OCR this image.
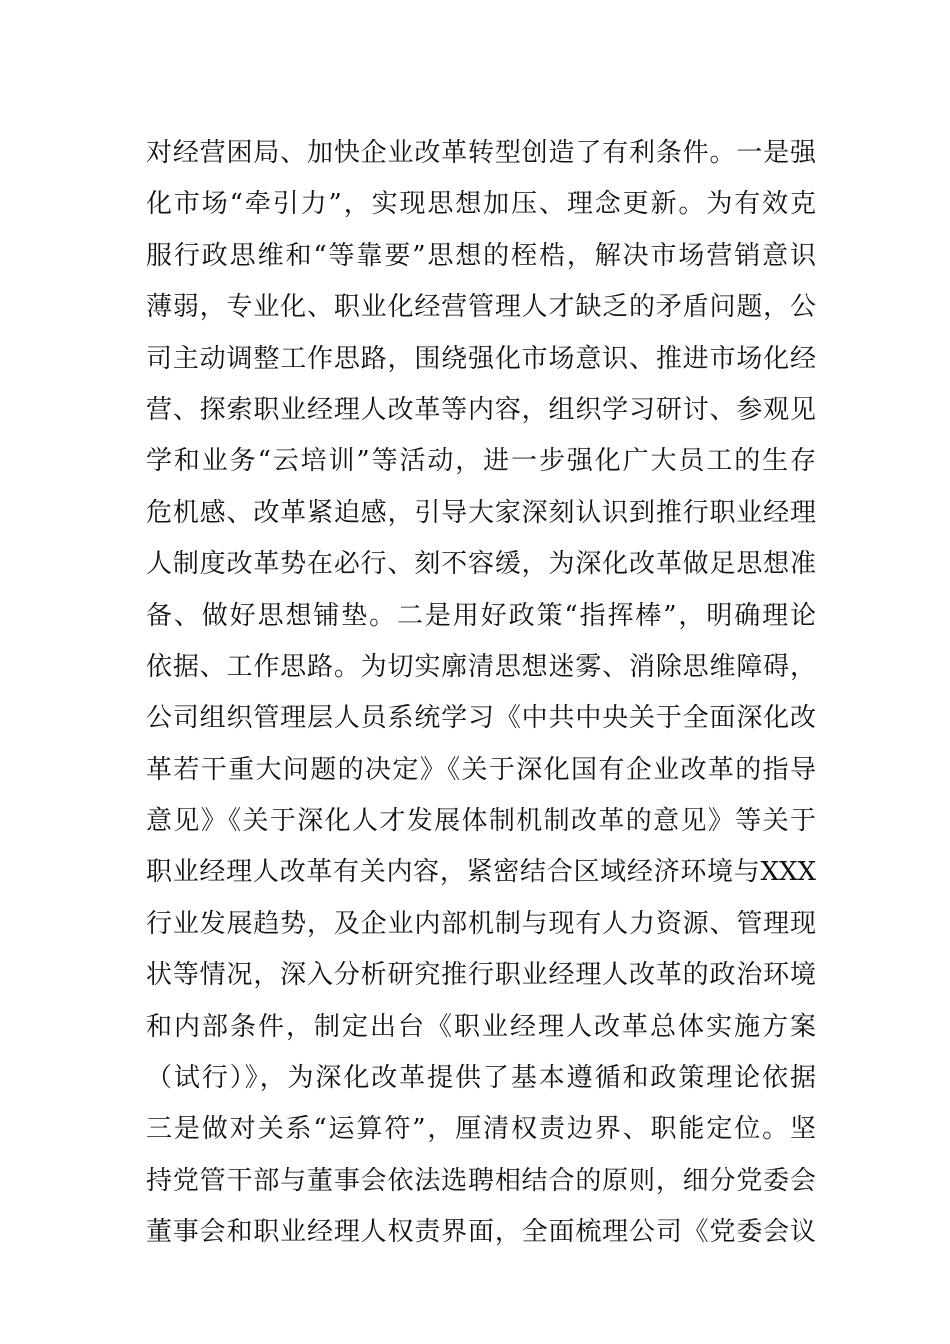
对经营困局、加快企业改革转型创造了有利条件。一是强
化市场“牵引力”，实现思想加压、理念更新。为有效克
服行政思维和“等靠要”思想的桎梏，解决市场营销意识
薄弱，专业化、职业化经营管理人才缺乏的矛盾问题，公
司主动调整工作思路，围绕强化市场意识、推进市场化经
营、探索职业经理人改革等内容，组织学习研讨、参观见
学和业务“云培训”等活动，进一步强化广大员工的生存
危机感、改革紧迫感，引导大家深刻认识到推行职业经理
人制度改革势在必行、刻不容缓，为深化改革做足思想准
备、做好思想铺垫。二是用好政策“指挥棒”，明确理论
依据、工作思路。为切实廓清思想迷雾、消除思维障碍，
公司组织管理层人员系统学习《中共中央关于全面深化改
革若干重大问题的决定》《关于深化国有企业改革的指导
意见》《关于深化人才发展体制机制改革的意见》等关于
职业经理人改革有关内容，紧密结合区域经济环境与XXX
行业发展趋势，及企业内部机制与现有人力资源、管理现
状等情况，深入分析研究推行职业经理人改革的政治环境
和内部条件，制定出台《职业经理人改革总体实施方案
（试行）》，为深化改革提供了基本遵循和政策理论依据
三是做对关系“运算符”，厘清权责边界、职能定位。坚
持党管干部与董事会依法选聘相结合的原则，细分党委会
董事会和职业经理人权责界面，全面梳理公司《党委会议
